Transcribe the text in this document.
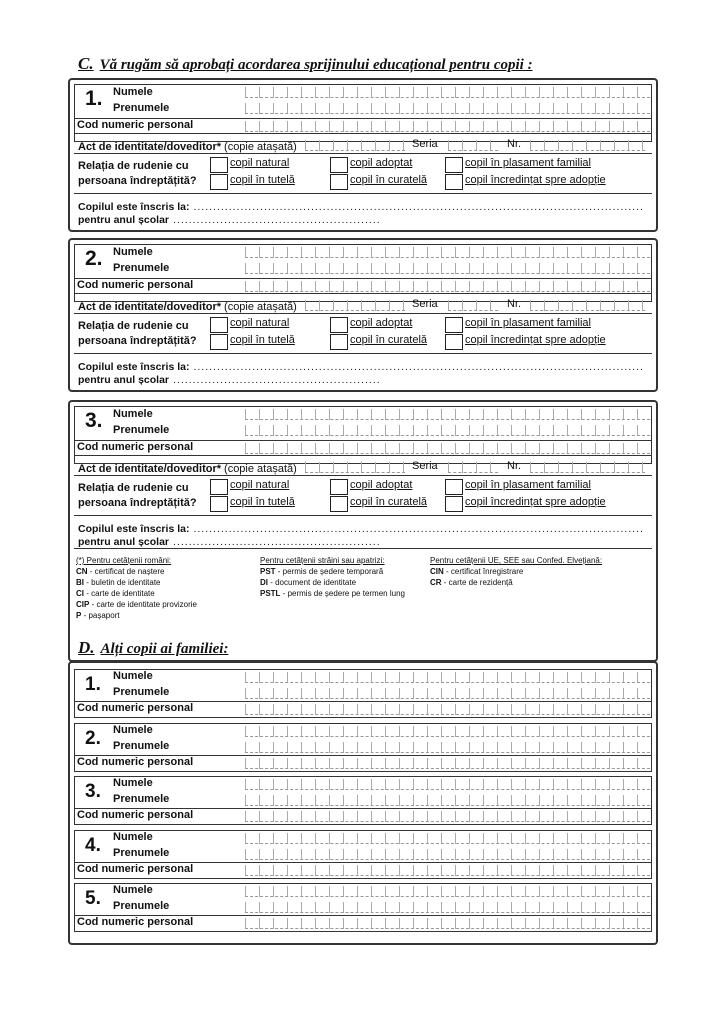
C. Vă rugăm să aprobați acordarea sprijinului educațional pentru copii :
1. Numele
Prenumele
Cod numeric personal
Act de identitate/doveditor* (copie atașată)	Seria	Nr.
Relația de rudenie cu
persoana îndreptățită?
copil natural	copil adoptat	copil în plasament familial
copil în tutelă	copil în curatelă	copil încredințat spre adopție
Copilul este înscris la: ...................................................................................................................
pentru anul școlar .....................................................
2. Numele
Prenumele
Cod numeric personal
Act de identitate/doveditor* (copie atașată)	Seria	Nr.
Relația de rudenie cu
persoana îndreptățită?
copil natural	copil adoptat	copil în plasament familial
copil în tutelă	copil în curatelă	copil încredințat spre adopție
Copilul este înscris la: ...................................................................................................................
pentru anul școlar .....................................................
3. Numele
Prenumele
Cod numeric personal
Act de identitate/doveditor* (copie atașată)	Seria	Nr.
Relația de rudenie cu
persoana îndreptățită?
copil natural	copil adoptat	copil în plasament familial
copil în tutelă	copil în curatelă	copil încredințat spre adopție
Copilul este înscris la: ...................................................................................................................
pentru anul școlar .....................................................
(*) Pentru cetățenii români:
CN - certificat de naștere
BI - buletin de identitate
CI - carte de identitate
CIP - carte de identitate provizorie
P - pașaport
Pentru cetățenii străini sau apatrizi:
PST - permis de ședere temporară
DI - document de identitate
PSTL - permis de ședere pe termen lung
Pentru cetățenii UE, SEE sau Confed. Elvețiană:
CIN - certificat înregistrare
CR - carte de rezidență
D. Alți copii ai familiei:
1. Numele
Prenumele
Cod numeric personal
2. Numele
Prenumele
Cod numeric personal
3. Numele
Prenumele
Cod numeric personal
4. Numele
Prenumele
Cod numeric personal
5. Numele
Prenumele
Cod numeric personal
